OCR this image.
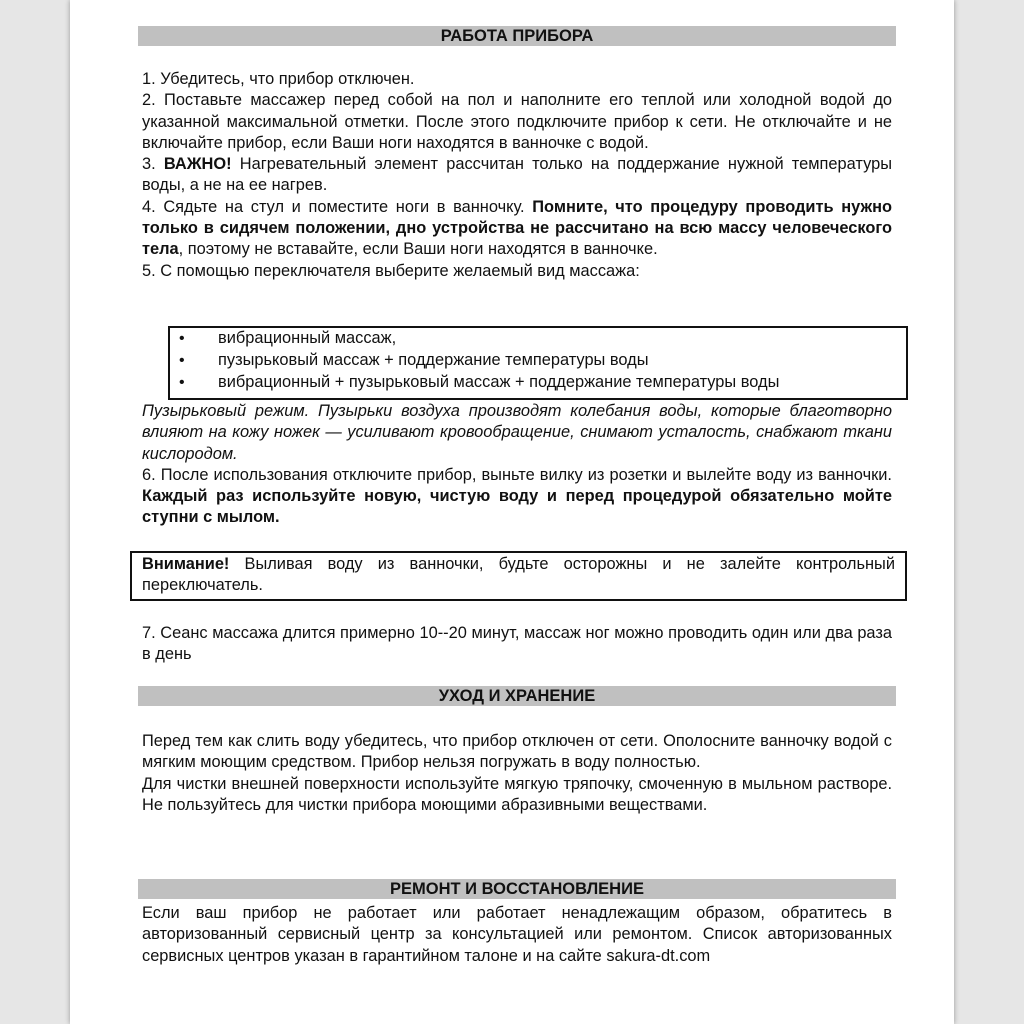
РАБОТА ПРИБОРА

1. Убедитесь, что прибор отключен.

2. Поставьте массажер перед собой на пол и наполните его теплой или холодной водой до указанной максимальной отметки. После этого подключите прибор к сети. Не отключайте и не включайте прибор, если Ваши ноги находятся в ванночке с водой.

3. ВАЖНО! Нагревательный элемент рассчитан только на поддержание нужной температуры воды, а не на ее нагрев.

4. Сядьте на стул и поместите ноги в ванночку. Помните, что процедуру проводить нужно только в сидячем положении, дно устройства не рассчитано на всю массу человеческого тела, поэтому не вставайте, если Ваши ноги находятся в ванночке.

5. С помощью переключателя выберите желаемый вид массажа:

• вибрационный массаж,
• пузырьковый массаж + поддержание температуры воды
• вибрационный + пузырьковый массаж + поддержание температуры воды

Пузырьковый режим. Пузырьки воздуха производят колебания воды, которые благотворно влияют на кожу ножек — усиливают кровообращение, снимают усталость, снабжают ткани кислородом.

6. После использования отключите прибор, выньте вилку из розетки и вылейте воду из ванночки. Каждый раз используйте новую, чистую воду и перед процедурой обязательно мойте ступни с мылом.

Внимание! Выливая воду из ванночки, будьте осторожны и не залейте контрольный переключатель.

7. Сеанс массажа длится примерно 10--20 минут, массаж ног можно проводить один или два раза в день

УХОД И ХРАНЕНИЕ

Перед тем как слить воду убедитесь, что прибор отключен от сети. Ополосните ванночку водой с мягким моющим средством. Прибор нельзя погружать в воду полностью.

Для чистки внешней поверхности используйте мягкую тряпочку, смоченную в мыльном растворе. Не пользуйтесь для чистки прибора моющими абразивными веществами.

РЕМОНТ И ВОССТАНОВЛЕНИЕ

Если ваш прибор не работает или работает ненадлежащим образом, обратитесь в авторизованный сервисный центр за консультацией или ремонтом. Список авторизованных сервисных центров указан в гарантийном талоне и на сайте sakura-dt.com
